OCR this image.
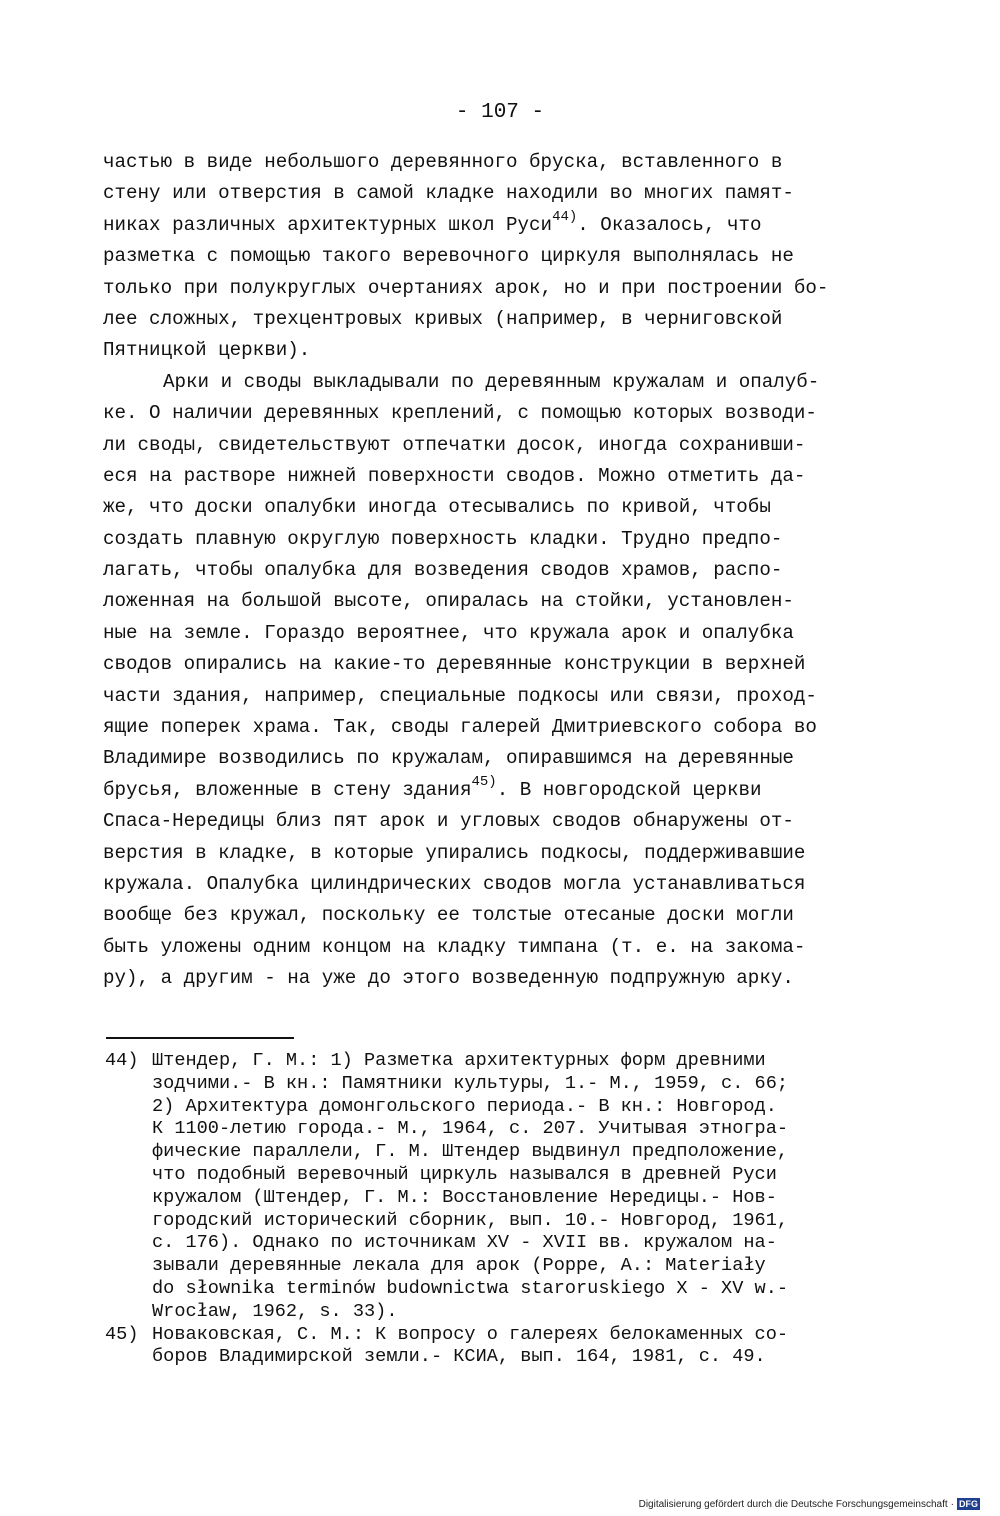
- 107 -
частью в виде небольшого деревянного бруска, вставленного в
стену или отверстия в самой кладке находили во многих памят-
никах различных архитектурных школ Руси$^{44)}$. Оказалось, что
разметка с помощью такого веревочного циркуля выполнялась не
только при полукруглых очертаниях арок, но и при построении бо-
лее сложных, трехцентровых кривых (например, в черниговской
Пятницкой церкви).
Арки и своды выкладывали по деревянным кружалам и опалуб-
ке. О наличии деревянных креплений, с помощью которых возводи-
ли своды, свидетельствуют отпечатки досок, иногда сохранивши-
еся на растворе нижней поверхности сводов. Можно отметить да-
же, что доски опалубки иногда отесывались по кривой, чтобы
создать плавную округлую поверхность кладки. Трудно предпо-
лагать, чтобы опалубка для возведения сводов храмов, распо-
ложенная на большой высоте, опиралась на стойки, установлен-
ные на земле. Гораздо вероятнее, что кружала арок и опалубка
сводов опирались на какие-то деревянные конструкции в верхней
части здания, например, специальные подкосы или связи, проход-
ящие поперек храма. Так, своды галерей Дмитриевского собора во
Владимире возводились по кружалам, опиравшимся на деревянные
брусья, вложенные в стену здания$^{45)}$. В новгородской церкви
Спаса-Нередицы близ пят арок и угловых сводов обнаружены от-
верстия в кладке, в которые упирались подкосы, поддерживавшие
кружала. Опалубка цилиндрических сводов могла устанавливаться
вообще без кружал, поскольку ее толстые отесаные доски могли
быть уложены одним концом на кладку тимпана (т. е. на закома-
ру), а другим - на уже до этого возведенную подпружную арку.
44) Штендер, Г. М.: 1) Разметка архитектурных форм древними
зодчими.- В кн.: Памятники культуры, 1.- М., 1959, с. 66;
2) Архитектура домонгольского периода.- В кн.: Новгород.
К 1100-летию города.- М., 1964, с. 207. Учитывая этногра-
фические параллели, Г. М. Штендер выдвинул предположение,
что подобный веревочный циркуль назывался в древней Руси
кружалом (Штендер, Г. М.: Восстановление Нередицы.- Нов-
городский исторический сборник, вып. 10.- Новгород, 1961,
с. 176). Однако по источникам XV - XVII вв. кружалом на-
зывали деревянные лекала для арок (Poppe, A.: Materiały
do słownika terminów budownictwa staroruskiego X - XV w.-
Wrocław, 1962, s. 33).
45) Новаковская, С. М.: К вопросу о галереях белокаменных со-
боров Владимирской земли.- КСИА, вып. 164, 1981, с. 49.
Digitalisierung gefördert durch die Deutsche Forschungsgemeinschaft · DFG
